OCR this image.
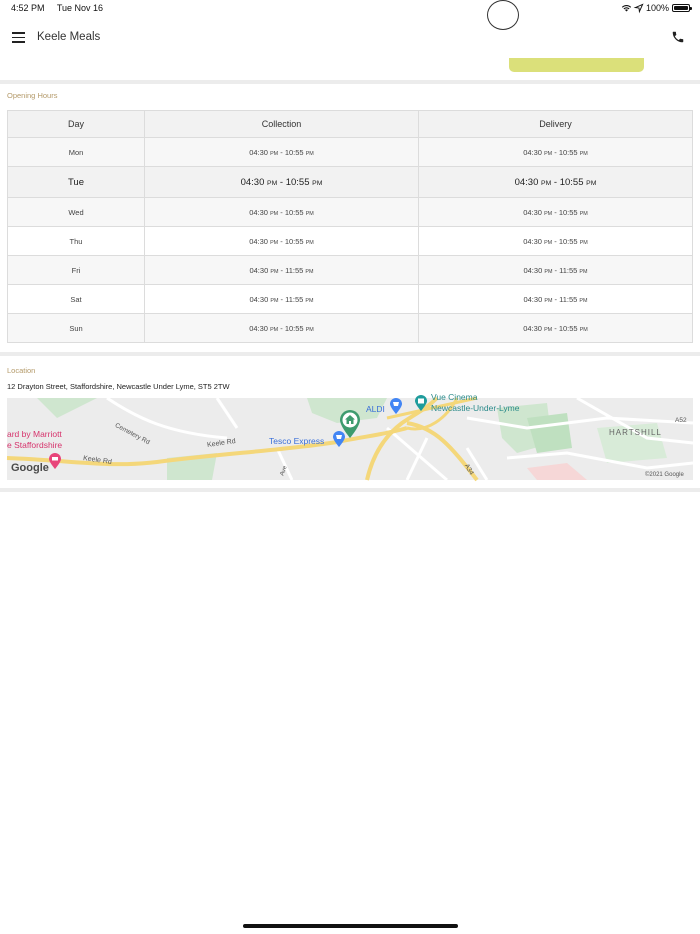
4:52 PM Tue Nov 16	100%
Keele Meals
Opening Hours
Day	Collection	Delivery
Mon	04:30 PM - 10:55 PM	04:30 PM - 10:55 PM
Tue	04:30 PM - 10:55 PM	04:30 PM - 10:55 PM
Wed	04:30 PM - 10:55 PM	04:30 PM - 10:55 PM
Thu	04:30 PM - 10:55 PM	04:30 PM - 10:55 PM
Fri	04:30 PM - 11:55 PM	04:30 PM - 11:55 PM
Sat	04:30 PM - 11:55 PM	04:30 PM - 11:55 PM
Sun	04:30 PM - 10:55 PM	04:30 PM - 10:55 PM
Location
12 Drayton Street, Staffordshire, Newcastle Under Lyme, ST5 2TW
ard by Marriott
e Staffordshire	Cemetery Rd
Keele Rd
Keele Rd
ALDI
Vue Cinema
Newcastle-Under-Lyme
Tesco Express
HARTSHILL
A34
A52
Ave
Google
©2021 Google
